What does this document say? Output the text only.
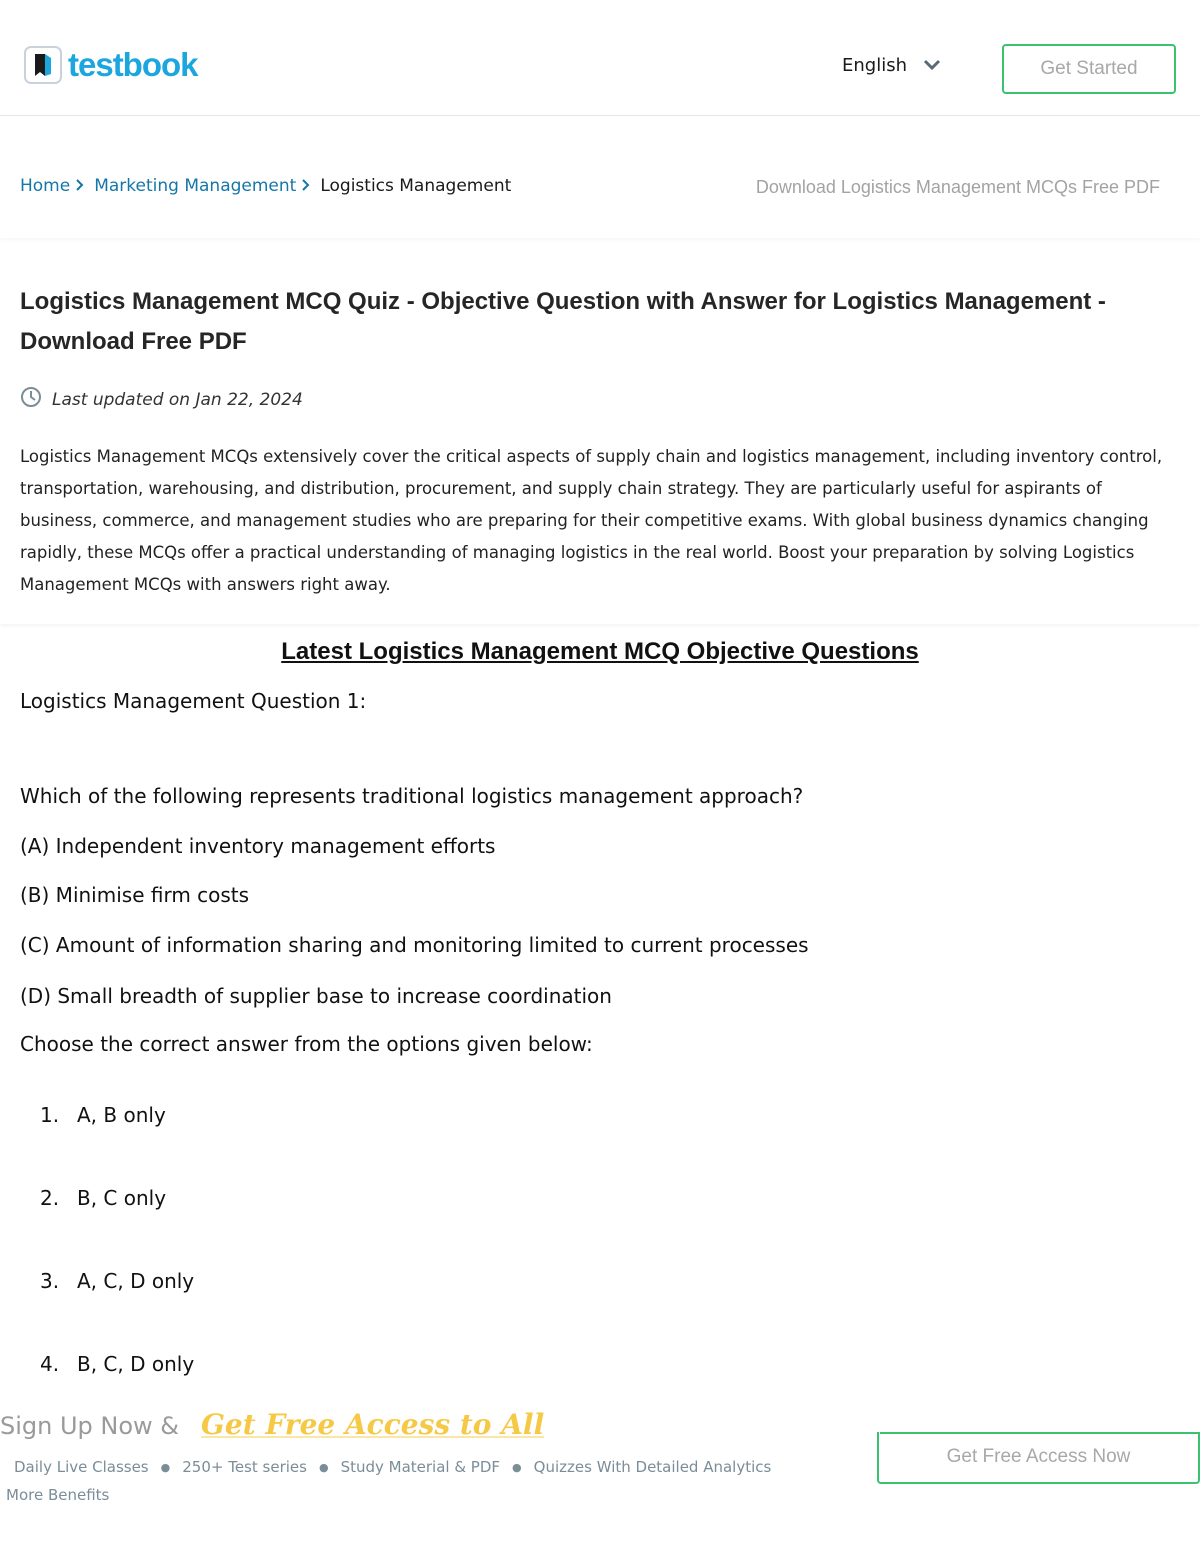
testbook	English	Get Started
Home Marketing Management Logistics Management	Download Logistics Management MCQs Free PDF
Logistics Management MCQ Quiz - Objective Question with Answer for Logistics Management - Download Free PDF
Last updated on Jan 22, 2024

Logistics Management MCQs extensively cover the critical aspects of supply chain and logistics management, including inventory control, transportation, warehousing, and distribution, procurement, and supply chain strategy. They are particularly useful for aspirants of business, commerce, and management studies who are preparing for their competitive exams. With global business dynamics changing rapidly, these MCQs offer a practical understanding of managing logistics in the real world. Boost your preparation by solving Logistics Management MCQs with answers right away.

Latest Logistics Management MCQ Objective Questions
Logistics Management Question 1:
Which of the following represents traditional logistics management approach?
(A) Independent inventory management efforts
(B) Minimise firm costs
(C) Amount of information sharing and monitoring limited to current processes
(D) Small breadth of supplier base to increase coordination
Choose the correct answer from the options given below:
1. A, B only
2. B, C only
3. A, C, D only
4. B, C, D only
Sign Up Now & Get Free Access to All
Daily Live Classes ● 250+ Test series ● Study Material & PDF ● Quizzes With Detailed Analytics
More Benefits
Get Free Access Now
